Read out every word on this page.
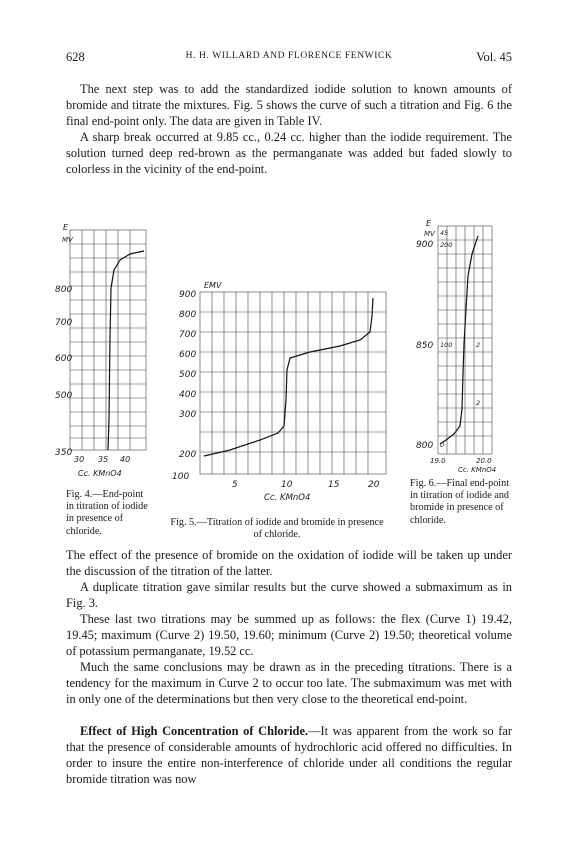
628	H. H. WILLARD AND FLORENCE FENWICK	Vol. 45
The next step was to add the standardized iodide solution to known amounts of bromide and titrate the mixtures. Fig. 5 shows the curve of such a titration and Fig. 6 the final end-point only. The data are given in Table IV.
A sharp break occurred at 9.85 cc., 0.24 cc. higher than the iodide requirement. The solution turned deep red-brown as the permanganate was added but faded slowly to colorless in the vicinity of the end-point.
E
MV
800
700
600
500
350
30 35 40
Cc. KMnO4
Fig. 4.—End-point in titration of iodide in presence of chloride.
EMV
900
800
700
600
500
400
300
200
100
5	10	15	20
Cc. KMnO4
Fig. 5.—Titration of iodide and bromide in presence of chloride.
E
MV
900
850
800
45
200
100	2
2
0
19.0	20.0
Cc. KMnO4
Fig. 6.—Final end-point in titration of iodide and bromide in presence of chloride.
The effect of the presence of bromide on the oxidation of iodide will be taken up under the discussion of the titration of the latter.
A duplicate titration gave similar results but the curve showed a submaximum as in Fig. 3.
These last two titrations may be summed up as follows: the flex (Curve 1) 19.42, 19.45; maximum (Curve 2) 19.50, 19.60; minimum (Curve 2) 19.50; theoretical volume of potassium permanganate, 19.52 cc.
Much the same conclusions may be drawn as in the preceding titrations. There is a tendency for the maximum in Curve 2 to occur too late. The submaximum was met with in only one of the determinations but then very close to the theoretical end-point.
Effect of High Concentration of Chloride.—It was apparent from the work so far that the presence of considerable amounts of hydrochloric acid offered no difficulties. In order to insure the entire non-interference of chloride under all conditions the regular bromide titration was now
